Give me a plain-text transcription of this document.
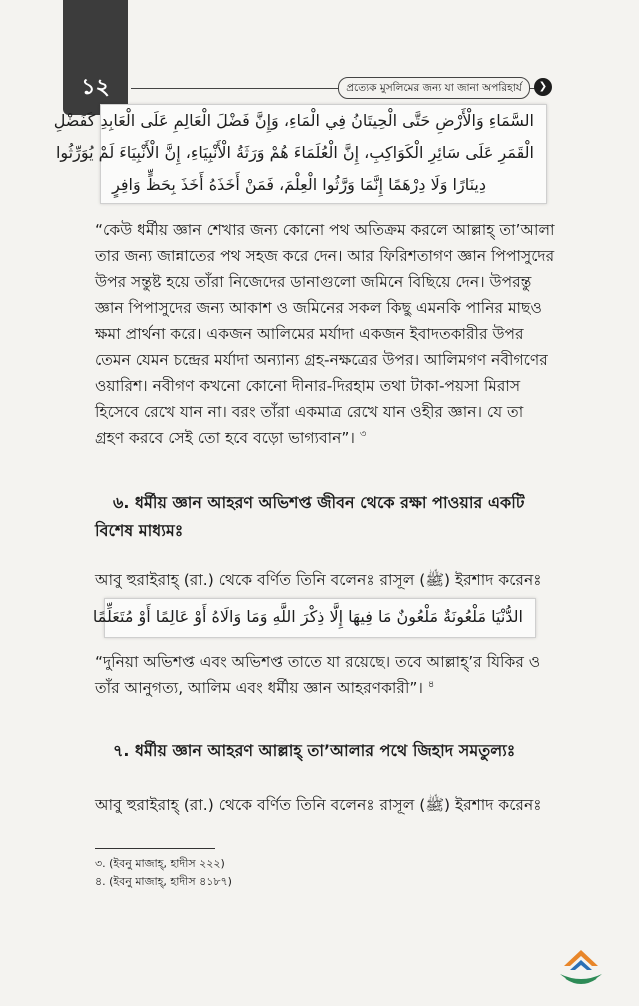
১২	প্রত্যেক মুসলিমের জন্য যা জানা অপরিহার্য	❯
السَّمَاءِ وَالْأَرْضِ حَتَّى الْحِيتَانُ فِي الْمَاءِ، وَإِنَّ فَضْلَ الْعَالِمِ عَلَى الْعَابِدِ كَفَضْلِ
الْقَمَرِ عَلَى سَائِرِ الْكَوَاكِبِ، إِنَّ الْعُلَمَاءَ هُمْ وَرَثَةُ الْأَنْبِيَاءِ، إِنَّ الْأَنْبِيَاءَ لَمْ يُوَرِّثُوا
دِينَارًا وَلَا دِرْهَمًا إِنَّمَا وَرَّثُوا الْعِلْمَ، فَمَنْ أَخَذَهُ أَخَذَ بِحَظٍّ وَافِرٍ
“কেউ ধর্মীয় জ্ঞান শেখার জন্য কোনো পথ অতিক্রম করলে আল্লাহ্‌ তা’আলা
তার জন্য জান্নাতের পথ সহজ করে দেন। আর ফিরিশতাগণ জ্ঞান পিপাসুদের
উপর সন্তুষ্ট হয়ে তাঁরা নিজেদের ডানাগুলো জমিনে বিছিয়ে দেন। উপরন্তু
জ্ঞান পিপাসুদের জন্য আকাশ ও জমিনের সকল কিছু এমনকি পানির মাছও
ক্ষমা প্রার্থনা করে। একজন আলিমের মর্যাদা একজন ইবাদতকারীর উপর
তেমন যেমন চন্দ্রের মর্যাদা অন্যান্য গ্রহ-নক্ষত্রের উপর। আলিমগণ নবীগণের
ওয়ারিশ। নবীগণ কখনো কোনো দীনার-দিরহাম তথা টাকা-পয়সা মিরাস
হিসেবে রেখে যান না। বরং তাঁরা একমাত্র রেখে যান ওহীর জ্ঞান। যে তা
গ্রহণ করবে সেই তো হবে বড়ো ভাগ্যবান”। $^৩$
৬. ধর্মীয় জ্ঞান আহরণ অভিশপ্ত জীবন থেকে রক্ষা পাওয়ার একটি
বিশেষ মাধ্যমঃ
আবু হুরাইরাহ্‌ (রা.) থেকে বর্ণিত তিনি বলেনঃ রাসূল (ﷺ) ইরশাদ করেনঃ
الدُّنْيَا مَلْعُونَةٌ مَلْعُونٌ مَا فِيهَا إِلَّا ذِكْرَ اللَّهِ وَمَا وَالَاهُ أَوْ عَالِمًا أَوْ مُتَعَلِّمًا
“দুনিয়া অভিশপ্ত এবং অভিশপ্ত তাতে যা রয়েছে। তবে আল্লাহ্‌’র যিকির ও
তাঁর আনুগত্য, আলিম এবং ধর্মীয় জ্ঞান আহরণকারী”। $^৪$
৭. ধর্মীয় জ্ঞান আহরণ আল্লাহ্‌ তা’আলার পথে জিহাদ সমতুল্যঃ
আবু হুরাইরাহ্‌ (রা.) থেকে বর্ণিত তিনি বলেনঃ রাসূল (ﷺ) ইরশাদ করেনঃ
৩. (ইবনু মাজাহ্‌, হাদীস ২২২)
৪. (ইবনু মাজাহ্‌, হাদীস ৪১৮৭)
